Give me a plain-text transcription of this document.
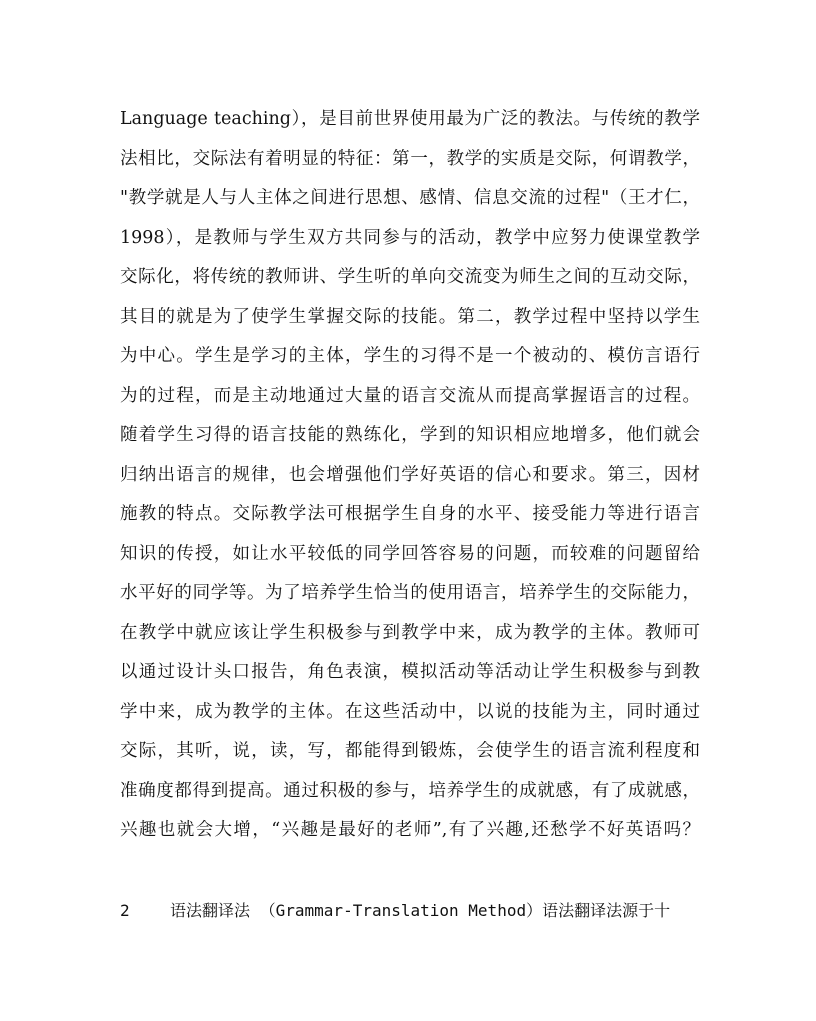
Language teaching），是目前世界使用最为广泛的教法。与传统的教学
法相比，交际法有着明显的特征：第一，教学的实质是交际，何谓教学，
"教学就是人与人主体之间进行思想、感情、信息交流的过程"（王才仁，
1998），是教师与学生双方共同参与的活动，教学中应努力使课堂教学
交际化，将传统的教师讲、学生听的单向交流变为师生之间的互动交际，
其目的就是为了使学生掌握交际的技能。第二，教学过程中坚持以学生
为中心。学生是学习的主体，学生的习得不是一个被动的、模仿言语行
为的过程，而是主动地通过大量的语言交流从而提高掌握语言的过程。
随着学生习得的语言技能的熟练化，学到的知识相应地增多，他们就会
归纳出语言的规律，也会增强他们学好英语的信心和要求。第三，因材
施教的特点。交际教学法可根据学生自身的水平、接受能力等进行语言
知识的传授，如让水平较低的同学回答容易的问题，而较难的问题留给
水平好的同学等。为了培养学生恰当的使用语言，培养学生的交际能力，
在教学中就应该让学生积极参与到教学中来，成为教学的主体。教师可
以通过设计头口报告，角色表演，模拟活动等活动让学生积极参与到教
学中来，成为教学的主体。在这些活动中，以说的技能为主，同时通过
交际，其听，说，读，写，都能得到锻炼，会使学生的语言流利程度和
准确度都得到提高。通过积极的参与，培养学生的成就感，有了成就感，
兴趣也就会大增，“兴趣是最好的老师”,有了兴趣,还愁学不好英语吗？
2	语法翻译法 （Grammar-Translation Method）语法翻译法源于十
